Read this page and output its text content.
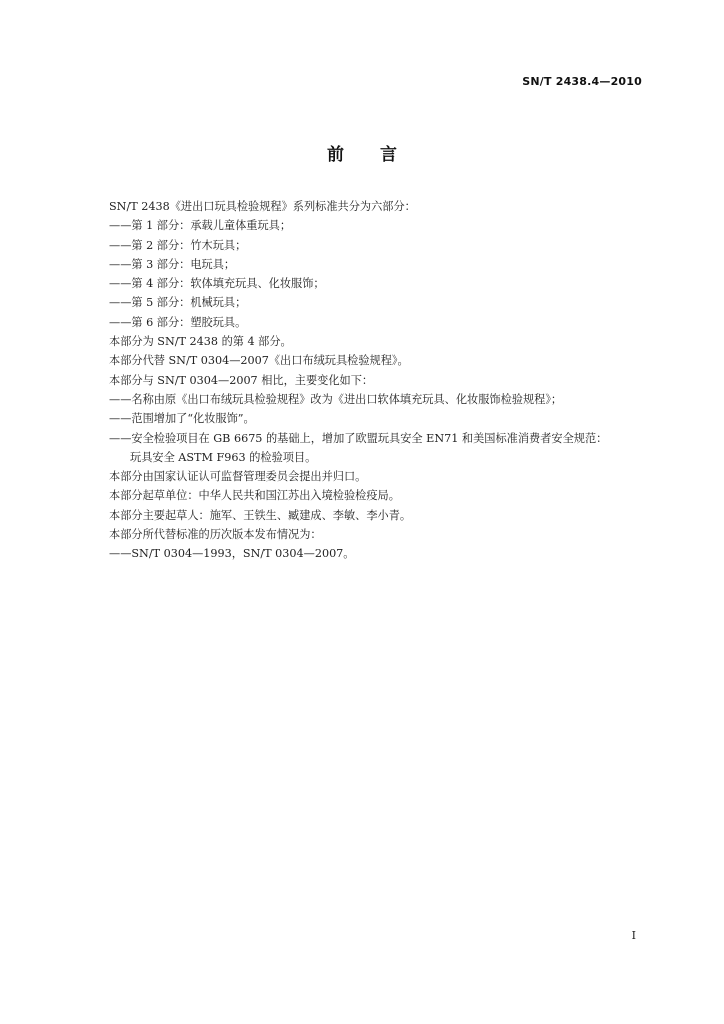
SN/T 2438.4—2010
前 言
SN/T 2438《进出口玩具检验规程》系列标准共分为六部分：
——第 1 部分：承载儿童体重玩具；
——第 2 部分：竹木玩具；
——第 3 部分：电玩具；
——第 4 部分：软体填充玩具、化妆服饰；
——第 5 部分：机械玩具；
——第 6 部分：塑胶玩具。
本部分为 SN/T 2438 的第 4 部分。
本部分代替 SN/T 0304—2007《出口布绒玩具检验规程》。
本部分与 SN/T 0304—2007 相比，主要变化如下：
——名称由原《出口布绒玩具检验规程》改为《进出口软体填充玩具、化妆服饰检验规程》；
——范围增加了“化妆服饰”。
——安全检验项目在 GB 6675 的基础上，增加了欧盟玩具安全 EN71 和美国标准消费者安全规范：
玩具安全 ASTM F963 的检验项目。
本部分由国家认证认可监督管理委员会提出并归口。
本部分起草单位：中华人民共和国江苏出入境检验检疫局。
本部分主要起草人：施军、王铁生、臧建成、李敏、李小青。
本部分所代替标准的历次版本发布情况为：
——SN/T 0304—1993，SN/T 0304—2007。
I
